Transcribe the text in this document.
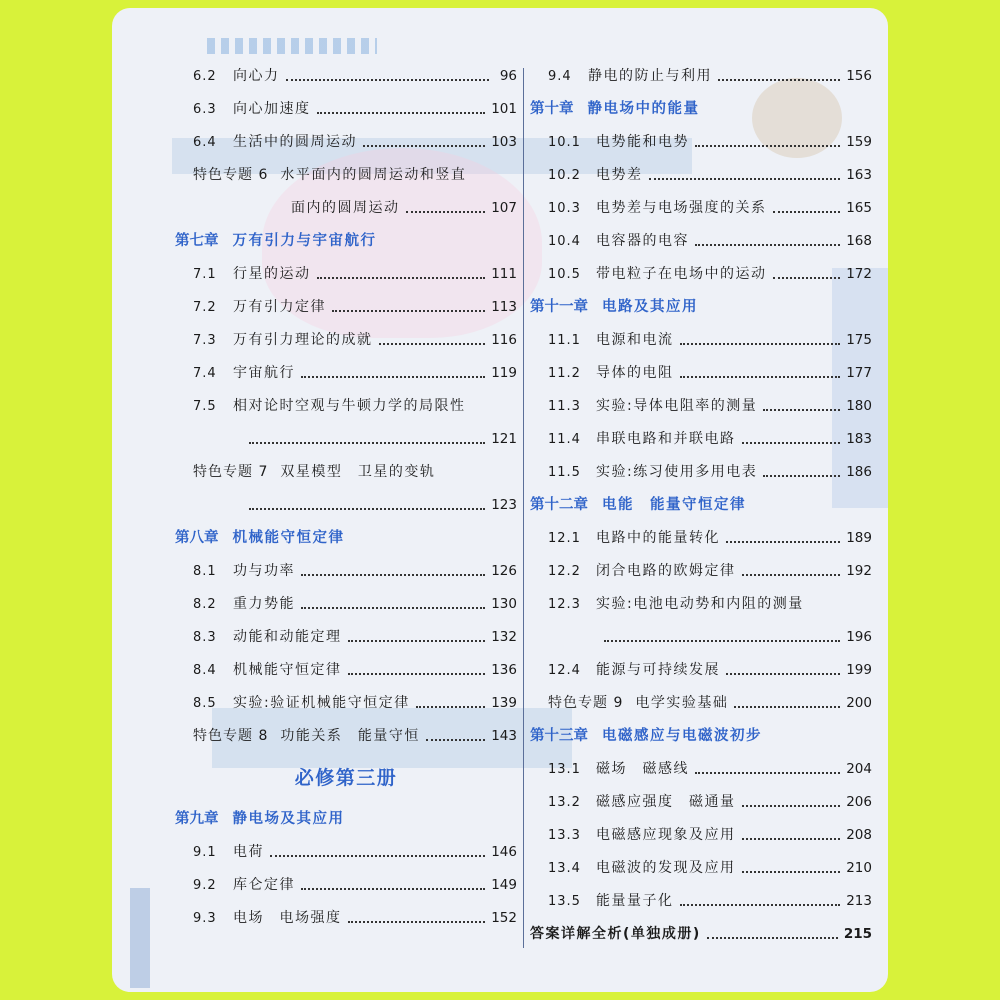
6.2	向心力	96
6.3	向心加速度	101
6.4	生活中的圆周运动	103
特色专题 6 水平面内的圆周运动和竖直
面内的圆周运动	107
第七章 万有引力与宇宙航行
7.1	行星的运动	111
7.2	万有引力定律	113
7.3	万有引力理论的成就	116
7.4	宇宙航行	119
7.5	相对论时空观与牛顿力学的局限性
121
特色专题 7 双星模型　卫星的变轨
123
第八章 机械能守恒定律
8.1	功与功率	126
8.2	重力势能	130
8.3	动能和动能定理	132
8.4	机械能守恒定律	136
8.5	实验:验证机械能守恒定律	139
特色专题 8 功能关系　能量守恒	143
必修第三册
第九章 静电场及其应用
9.1	电荷	146
9.2	库仑定律	149
9.3	电场　电场强度	152
9.4	静电的防止与利用	156
第十章 静电场中的能量
10.1	电势能和电势	159
10.2	电势差	163
10.3	电势差与电场强度的关系	165
10.4	电容器的电容	168
10.5	带电粒子在电场中的运动	172
第十一章 电路及其应用
11.1	电源和电流	175
11.2	导体的电阻	177
11.3	实验:导体电阻率的测量	180
11.4	串联电路和并联电路	183
11.5	实验:练习使用多用电表	186
第十二章 电能　能量守恒定律
12.1	电路中的能量转化	189
12.2	闭合电路的欧姆定律	192
12.3	实验:电池电动势和内阻的测量
196
12.4	能源与可持续发展	199
特色专题 9 电学实验基础	200
第十三章 电磁感应与电磁波初步
13.1	磁场　磁感线	204
13.2	磁感应强度　磁通量	206
13.3	电磁感应现象及应用	208
13.4	电磁波的发现及应用	210
13.5	能量量子化	213
答案详解全析(单独成册)	215
